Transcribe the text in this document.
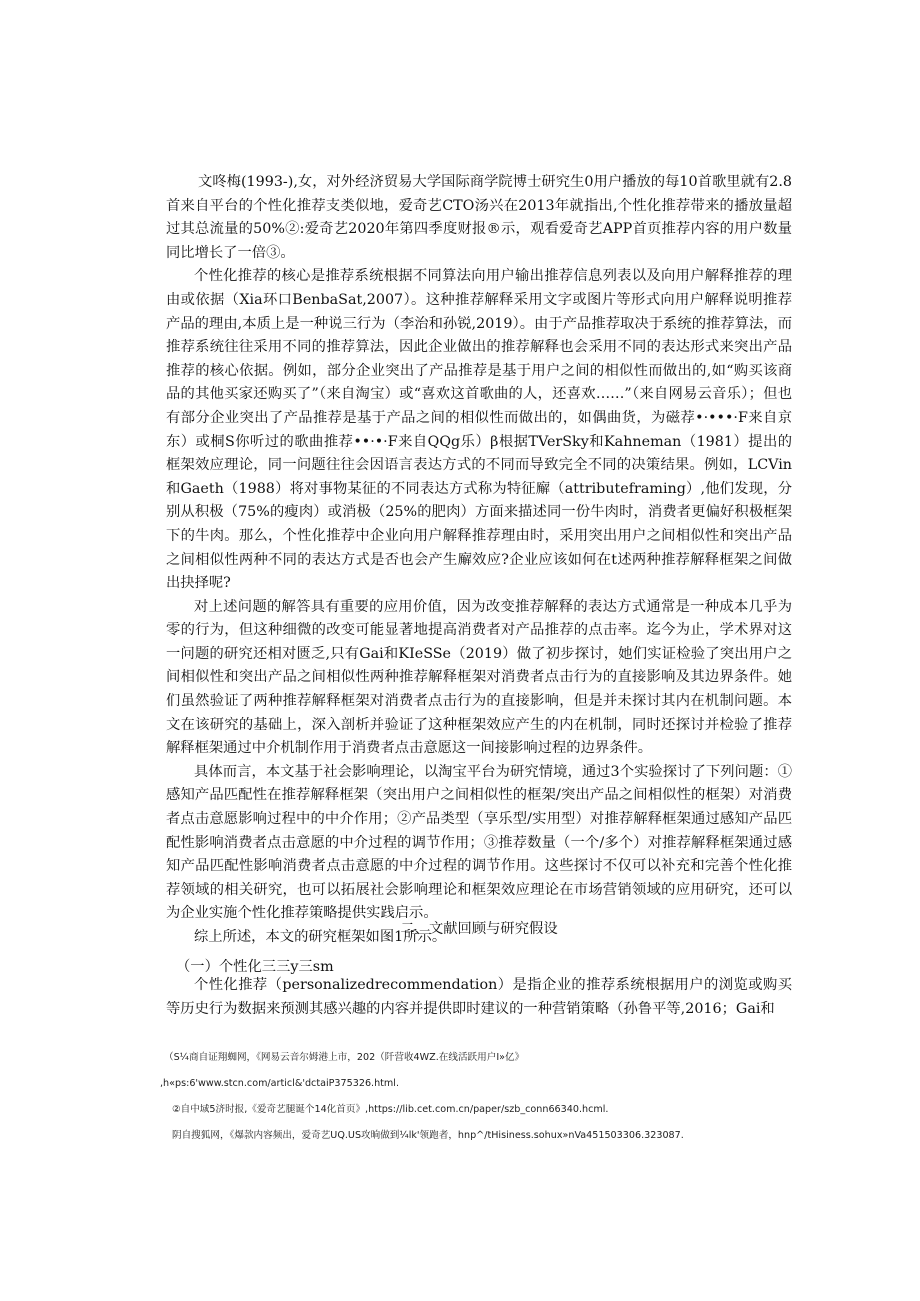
文咚梅(1993-),女，对外经济贸易大学国际商学院博士研究生0用户播放的每10首歌里就有2.8首来自平台的个性化推荐支类似地，爱奇艺CTO汤兴在2013年就指出,个性化推荐带来的播放量超过其总流量的50%②:爱奇艺2020年第四季度财报®示，观看爱奇艺APP首页推荐内容的用户数量同比增长了一倍③。

个性化推荐的核心是推荐系统根据不同算法向用户输出推荐信息列表以及向用户解释推荐的理由或依据（Xia环口BenbaSat,2007）。这种推荐解释采用文字或图片等形式向用户解释说明推荐产品的理由,本质上是一种说三行为（李治和孙锐,2019）。由于产品推荐取决于系统的推荐算法，而推荐系统往往采用不同的推荐算法，因此企业做出的推荐解释也会采用不同的表达形式来突出产品推荐的核心依据。例如，部分企业突出了产品推荐是基于用户之间的相似性而做出的,如“购买该商品的其他买家还购买了”（来自淘宝）或“喜欢这首歌曲的人，还喜欢……”（来自网易云音乐）；但也有部分企业突出了产品推荐是基于产品之间的相似性而做出的，如偶曲货，为磁荐•·•••·F来自京东）或桐S你听过的歌曲推荐••·•·F来自QQg乐）β根据TVerSky和Kahneman（1981）提出的框架效应理论，同一问题往往会因语言表达方式的不同而导致完全不同的决策结果。例如，LCVin和Gaeth（1988）将对事物某征的不同表达方式称为特征廨（attributeframing）,他们发现，分别从积极（75%的瘦肉）或消极（25%的肥肉）方面来描述同一份牛肉时，消费者更偏好积极框架下的牛肉。那么，个性化推荐中企业向用户解释推荐理由时，采用突出用户之间相似性和突出产品之间相似性两种不同的表达方式是否也会产生廨效应?企业应该如何在t述两种推荐解释框架之间做出抉择呢?

对上述问题的解答具有重要的应用价值，因为改变推荐解释的表达方式通常是一种成本几乎为零的行为，但这种细微的改变可能显著地提高消费者对产品推荐的点击率。迄今为止，学术界对这一问题的研究还相对匮乏,只有Gai和KIeSSe（2019）做了初步探讨，她们实证检验了突出用户之间相似性和突出产品之间相似性两种推荐解释框架对消费者点击行为的直接影响及其边界条件。她们虽然验证了两种推荐解释框架对消费者点击行为的直接影响，但是并未探讨其内在机制问题。本文在该研究的基础上，深入剖析并验证了这种框架效应产生的内在机制，同时还探讨并检验了推荐解释框架通过中介机制作用于消费者点击意愿这一间接影响过程的边界条件。

具体而言，本文基于社会影响理论，以淘宝平台为研究情境，通过3个实验探讨了下列问题：①感知产品匹配性在推荐解释框架（突出用户之间相似性的框架/突出产品之间相似性的框架）对消费者点击意愿影响过程中的中介作用；②产品类型（享乐型/实用型）对推荐解释框架通过感知产品匹配性影响消费者点击意愿的中介过程的调节作用；③推荐数量（一个/多个）对推荐解释框架通过感知产品匹配性影响消费者点击意愿的中介过程的调节作用。这些探讨不仅可以补充和完善个性化推荐领域的相关研究，也可以拓展社会影响理论和框架效应理论在市场营销领域的应用研究，还可以为企业实施个性化推荐策略提供实践启示。

综上所述，本文的研究框架如图1所示。

二、文献回顾与研究假设
（一）个性化三三y三sm

个性化推荐（personalizedrecommendation）是指企业的推荐系统根据用户的浏览或购买等历史行为数据来预测其感兴趣的内容并提供即时建议的一种营销策略（孙鲁平等,2016；Gai和

（S¼商自证翔蜘网，《网易云音尔姆港上市，202（阡营收4WZ.在线活跃用户I»亿》

,h«ps:6'www.stcn.com/articl&'dctaiP375326.html.

②自中域5济时报,《爱奇艺腿诞个14化首页》,https://lib.cet.com.cn/paper/szb_conn66340.hcml.

阴自搜狐网，《爆款内容频出，爱奇艺UQ.US攻晌做到¼lk'领跑者，hnp^/tHisiness.sohux»nVa451503306.323087.
